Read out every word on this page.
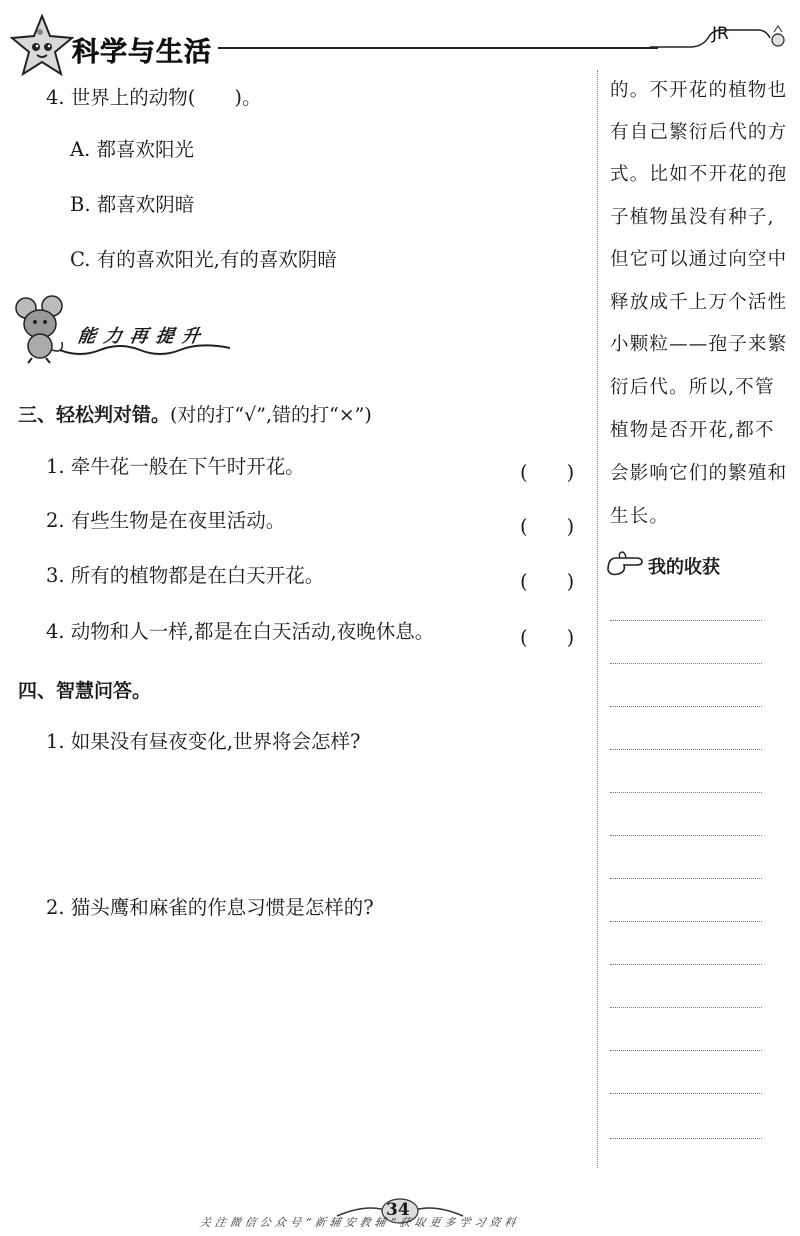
科学与生活
JR
4. 世界上的动物(　　)。
A. 都喜欢阳光
B. 都喜欢阴暗
C. 有的喜欢阳光,有的喜欢阴暗
能力再提升
三、轻松判对错。(对的打“√”,错的打“×”)
1. 牵牛花一般在下午时开花。	(　　)
2. 有些生物是在夜里活动。	(　　)
3. 所有的植物都是在白天开花。	(　　)
4. 动物和人一样,都是在白天活动,夜晚休息。	(　　)
四、智慧问答。
1. 如果没有昼夜变化,世界将会怎样?
2. 猫头鹰和麻雀的作息习惯是怎样的?
的。不开花的植物也
有自己繁衍后代的方
式。比如不开花的孢
子植物虽没有种子,
但它可以通过向空中
释放成千上万个活性
小颗粒——孢子来繁
衍后代。所以,不管
植物是否开花,都不
会影响它们的繁殖和
生长。
我的收获
34
关注微信公众号“新辅安教辅”获取更多学习资料
